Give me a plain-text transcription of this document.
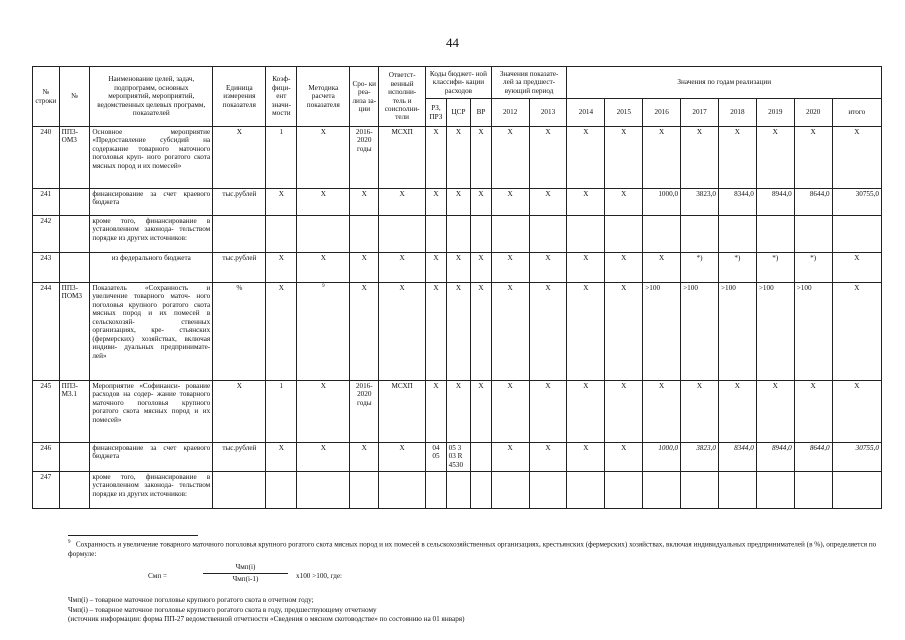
44
№ строки	№	Наименование целей, задач, подпрограмм, основных мероприятий, мероприятий, ведомственных целевых программ, показателей	Единица измерения показателя	Коэф- фици- ент значи- мости	Методика расчета показателя	Сро- ки реа- лиза за- ции	Ответст- венный исполни- тель и соисполни- тели	Коды бюджет- ной классифи- кации расходов			Значения показате- лей за предшест- вующий период		Значения по годам реализации							
								РЗ, ПРЗ	ЦСР	ВР	2012	2013	2014	2015	2016	2017	2018	2019	2020	итого
240	ПП3- ОМ3	Основное мероприятие «Предоставление субсидий на содержание товарного маточного поголовья круп- ного рогатого скота мясных пород и их помесей»	Х	1	Х	2016- 2020 годы	МСХП	Х	Х	Х	Х	Х	Х	Х	Х	Х	Х	Х	Х	Х
241		финансирование за счет краевого бюджета	тыс.рублей	Х	Х	Х	Х	Х	Х	Х	Х	Х	Х	Х	1000,0	3823,0	8344,0	8944,0	8644,0	30755,0
242		кроме того, финансирование в установленном законода- тельством порядке из других источников:																		
243		из федерального бюджета	тыс.рублей	Х	Х	Х	Х	Х	Х	Х	Х	Х	Х	Х	Х	*)	*)	*)	*)	Х
244	ПП3- ПОМ3	Показатель «Сохранность и увеличение товарного маточ- ного поголовья крупного рогатого скота мясных пород и их помесей в сельскохозяй- ственных организациях, кре- стьянских (фермерских) хозяйствах, включая индиви- дуальных предпринимате- лей»	%	Х	$^9$	Х	Х	Х	Х	Х	Х	Х	Х	Х	>100	>100	>100	>100	>100	Х
245	ПП3- М3.1	Мероприятие «Софинанси- рование расходов на содер- жание товарного маточного поголовья крупного рогатого скота мясных пород и их помесей»	Х	1	Х	2016- 2020 годы	МСХП	Х	Х	Х	Х	Х	Х	Х	Х	Х	Х	Х	Х	Х
246		финансирование за счет краевого бюджета	тыс.рублей	Х	Х	Х	Х	04 05	05 3 03 R 4530		Х	Х	Х	Х	1000,0	3823,0	8344,0	8944,0	8644,0	30755,0
247		кроме того, финансирование в установленном законода- тельством порядке из других источников:																		

$^9$ Сохранность и увеличение товарного маточного поголовья крупного рогатого скота мясных пород и их помесей в сельскохозяйственных организациях, крестьянских (фермерских) хозяйствах, включая индивидуальных предпринимателей (в %), определяется по формуле:

Смп =
Чмп(i)
Чмп(i-1)	х100 >100, где:

Чмп(i) – товарное маточное поголовье крупного рогатого скота в отчетном году;

Чмп(i) – товарное маточное поголовье крупного рогатого скота в году, предшествующему отчетному

(источник информации: форма ПП-27 ведомственной отчетности «Сведения о мясном скотоводстве» по состоянию на 01 января)
